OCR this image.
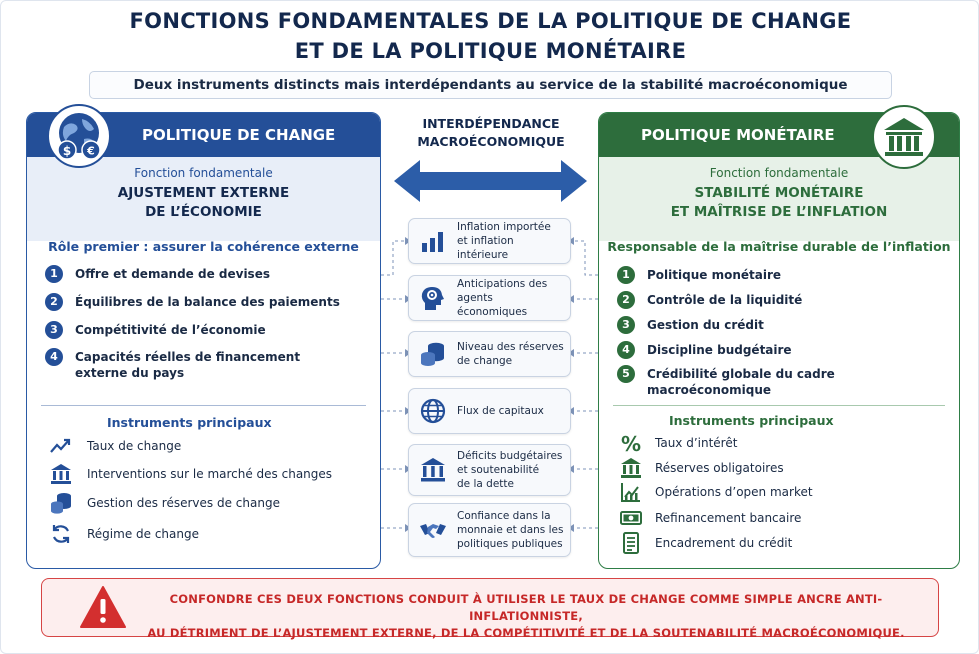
FONCTIONS FONDAMENTALES DE LA POLITIQUE DE CHANGE
ET DE LA POLITIQUE MONÉTAIRE
Deux instruments distincts mais interdépendants au service de la stabilité macroéconomique
POLITIQUE DE CHANGE
Fonction fondamentale
AJUSTEMENT EXTERNE
DE L’ÉCONOMIE
Rôle premier : assurer la cohérence externe
1	Offre et demande de devises
2	Équilibres de la balance des paiements
3	Compétitivité de l’économie
4	Capacités réelles de financement
externe du pays
Instruments principaux
Taux de change
Interventions sur le marché des changes
Gestion des réserves de change
Régime de change
$ €
INTERDÉPENDANCE
MACROÉCONOMIQUE
Inflation importée
et inflation intérieure
Anticipations des
agents économiques
Niveau des réserves
de change
Flux de capitaux
Déficits budgétaires
et soutenabilité
de la dette
Confiance dans la
monnaie et dans les
politiques publiques
POLITIQUE MONÉTAIRE
Fonction fondamentale
STABILITÉ MONÉTAIRE
ET MAÎTRISE DE L’INFLATION
Responsable de la maîtrise durable de l’inflation
1	Politique monétaire
2	Contrôle de la liquidité
3	Gestion du crédit
4	Discipline budgétaire
5	Crédibilité globale du cadre
macroéconomique
Instruments principaux
% Taux d’intérêt
Réserves obligatoires
Opérations d’open market
Refinancement bancaire
Encadrement du crédit
CONFONDRE CES DEUX FONCTIONS CONDUIT À UTILISER LE TAUX DE CHANGE COMME SIMPLE ANCRE ANTI-INFLATIONNISTE,
AU DÉTRIMENT DE L’AJUSTEMENT EXTERNE, DE LA COMPÉTITIVITÉ ET DE LA SOUTENABILITÉ MACROÉCONOMIQUE.
